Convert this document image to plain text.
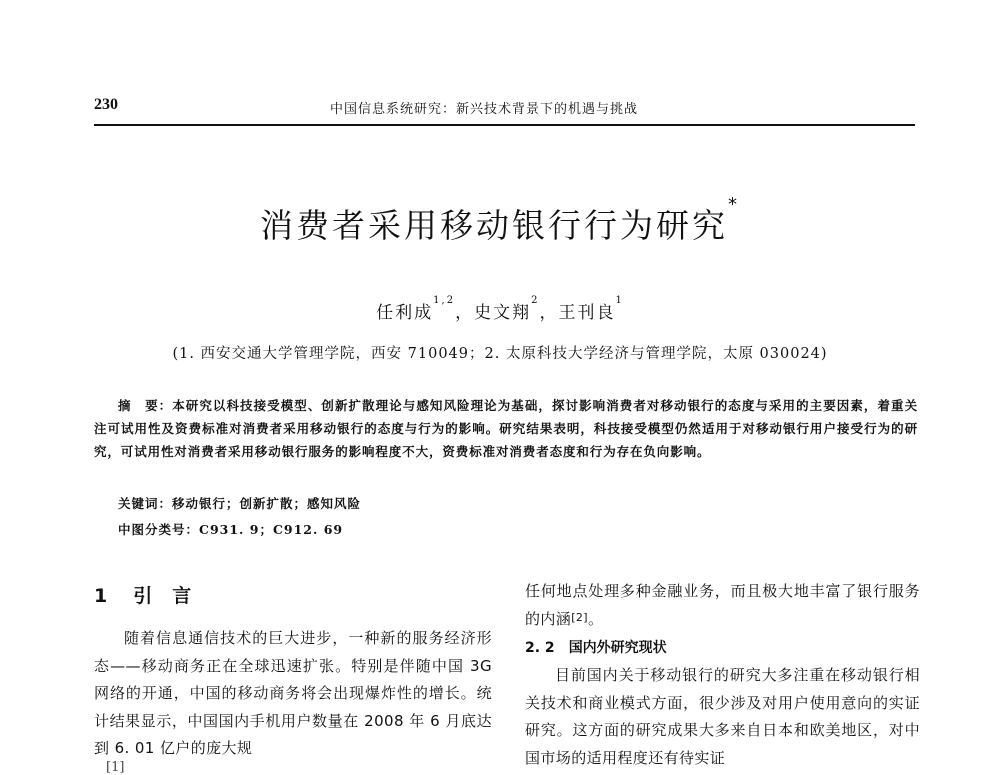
230	中国信息系统研究：新兴技术背景下的机遇与挑战
消费者采用移动银行行为研究*
任利成$^{1,2}$，史文翔$^2$，王刊良$^1$
(1. 西安交通大学管理学院，西安 710049；2. 太原科技大学经济与管理学院，太原 030024)
摘　要：本研究以科技接受模型、创新扩散理论与感知风险理论为基础，探讨影响消费者对移动银行的态度与采用的主要因素，着重关注可试用性及资费标准对消费者采用移动银行的态度与行为的影响。研究结果表明，科技接受模型仍然适用于对移动银行用户接受行为的研究，可试用性对消费者采用移动银行服务的影响程度不大，资费标准对消费者态度和行为存在负向影响。
关键词：移动银行；创新扩散；感知风险
中图分类号：C931. 9；C912. 69
1 引 言
随着信息通信技术的巨大进步，一种新的服务经济形态——移动商务正在全球迅速扩张。特别是伴随中国 3G 网络的开通，中国的移动商务将会出现爆炸性的增长。统计结果显示，中国国内手机用户数量在 2008 年 6 月底达到 6. 01 亿户的庞大规
[1]
任何地点处理多种金融业务，而且极大地丰富了银行服务的内涵[2]。
2. 2 国内外研究现状
目前国内关于移动银行的研究大多注重在移动银行相关技术和商业模式方面，很少涉及对用户使用意向的实证研究。这方面的研究成果大多来自日本和欧美地区，对中国市场的适用程度还有待实证
